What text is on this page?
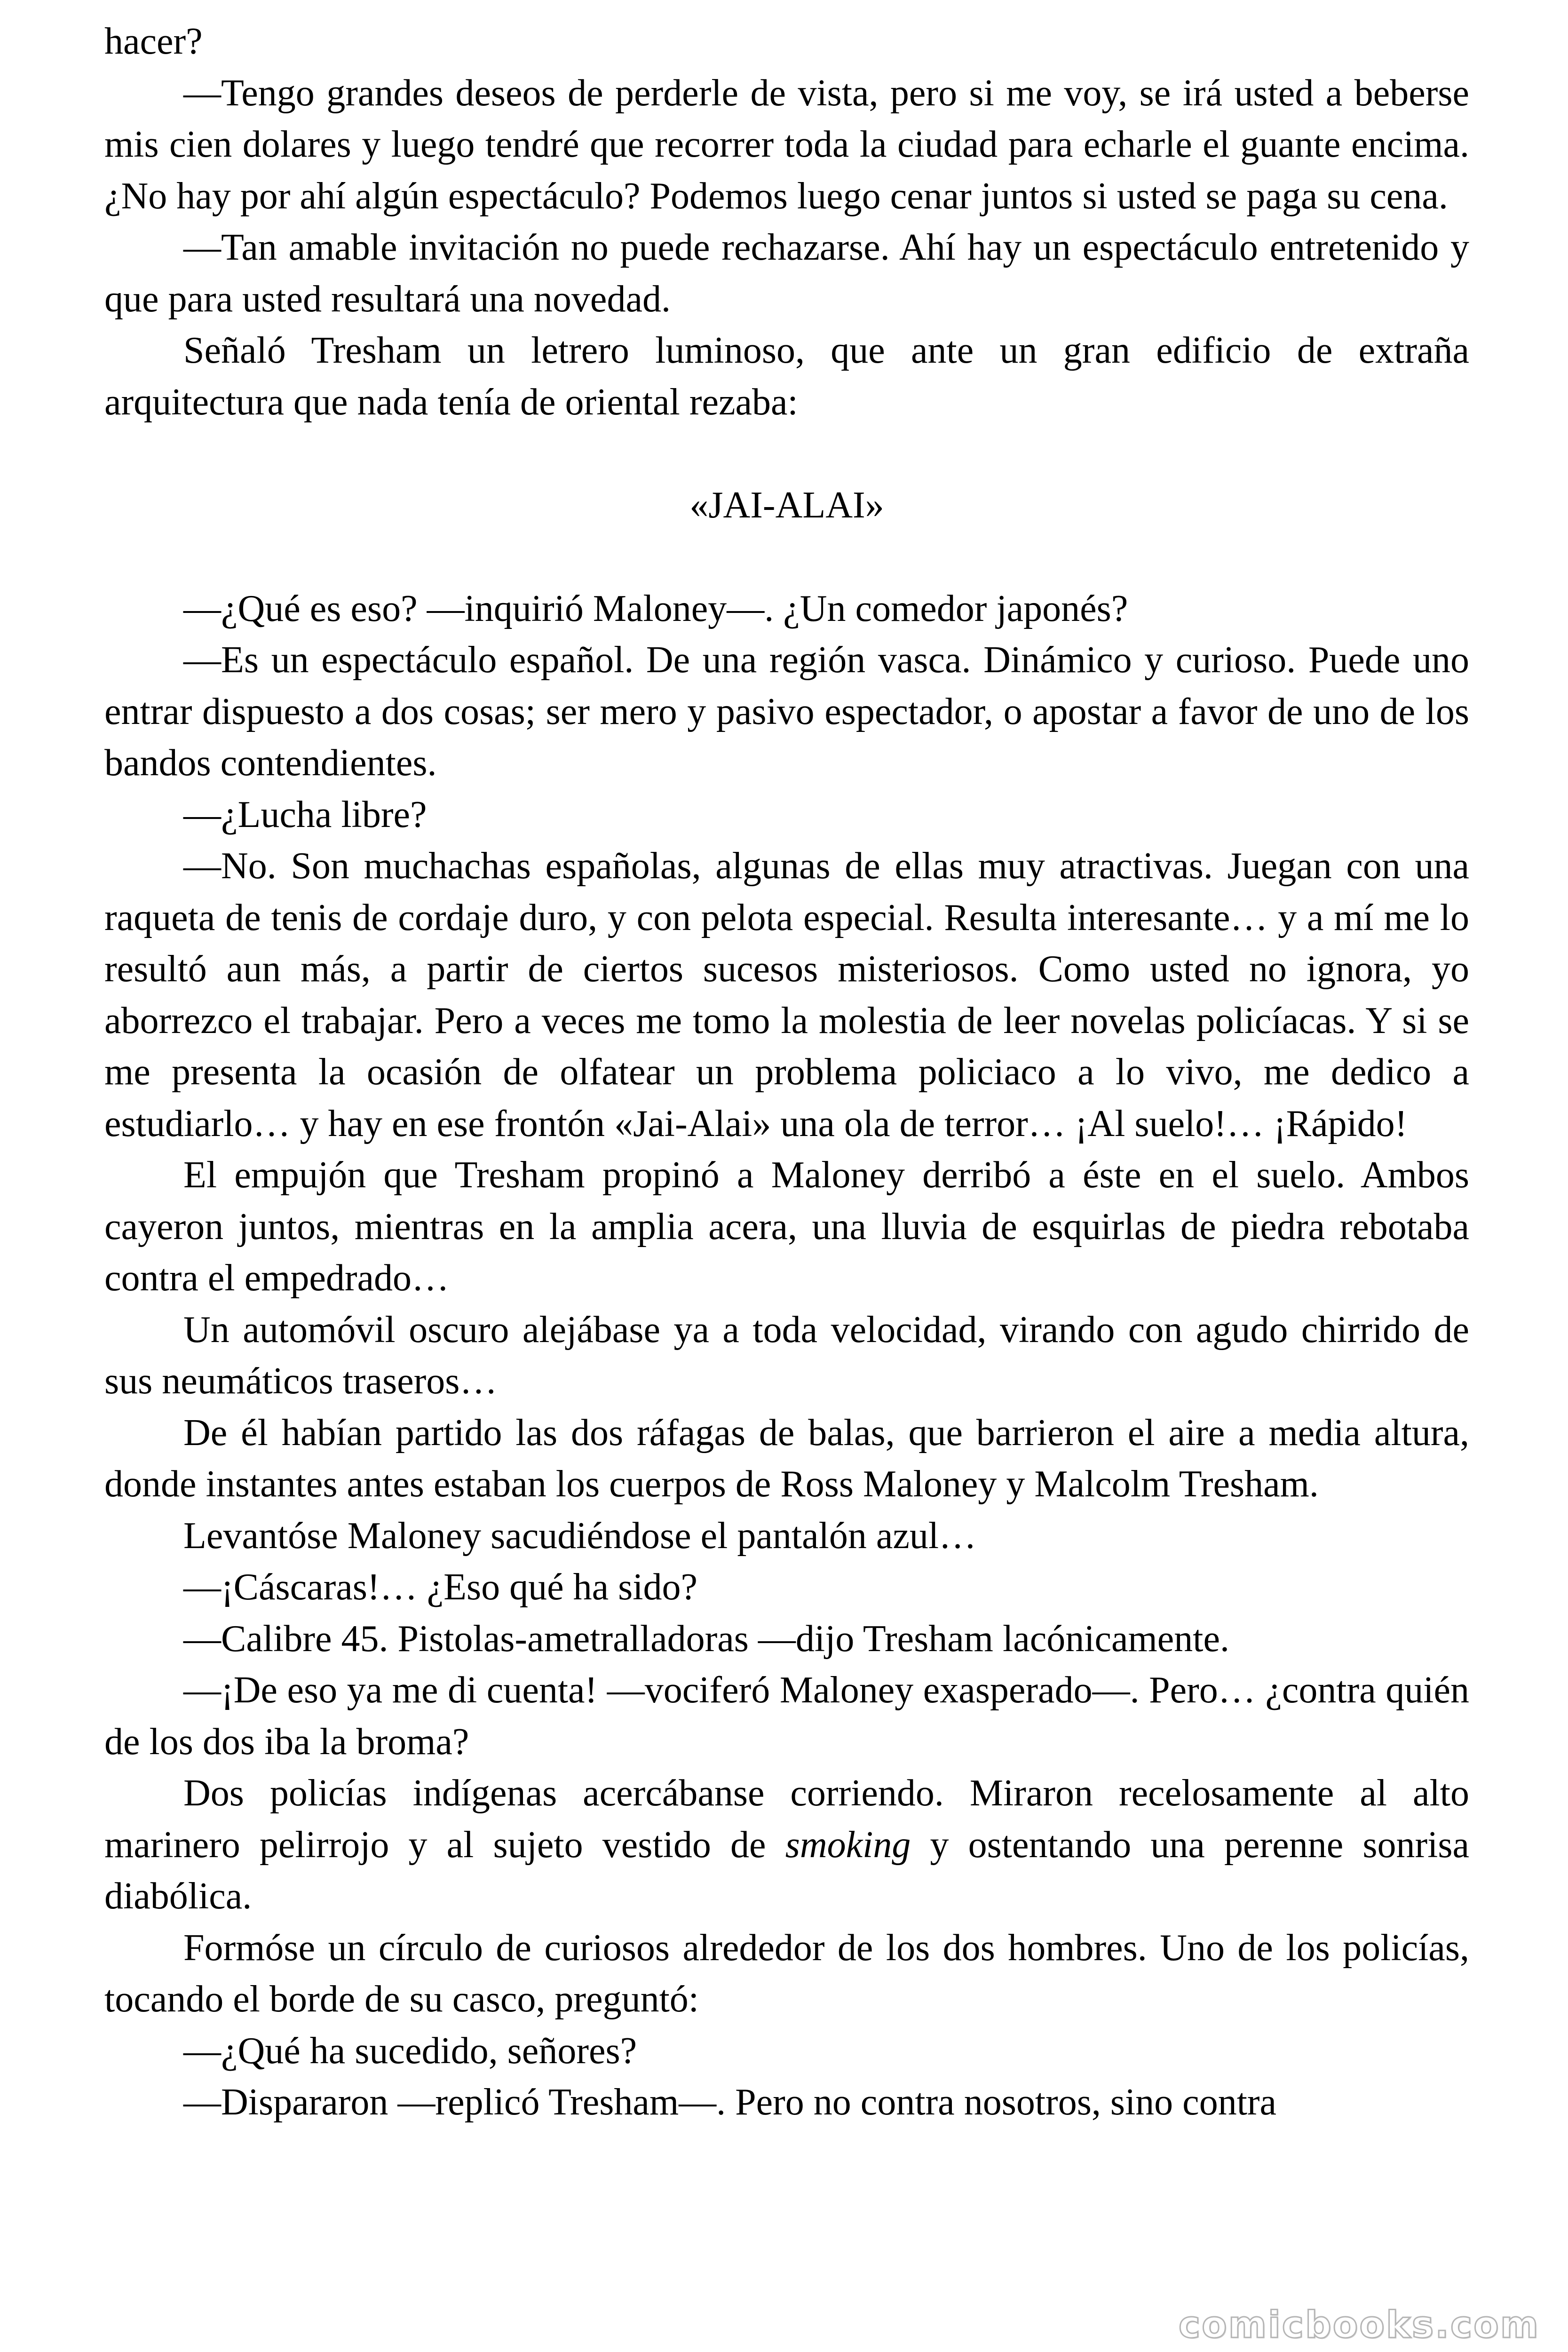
hacer?

—Tengo grandes deseos de perderle de vista, pero si me voy, se irá usted a beberse mis cien dolares y luego tendré que recorrer toda la ciudad para echarle el guante encima. ¿No hay por ahí algún espectáculo? Podemos luego cenar juntos si usted se paga su cena.

—Tan amable invitación no puede rechazarse. Ahí hay un espectáculo entretenido y que para usted resultará una novedad.

Señaló Tresham un letrero luminoso, que ante un gran edificio de extraña arquitectura que nada tenía de oriental rezaba:

«JAI-ALAI»

—¿Qué es eso? —inquirió Maloney—. ¿Un comedor japonés?

—Es un espectáculo español. De una región vasca. Dinámico y curioso. Puede uno entrar dispuesto a dos cosas; ser mero y pasivo espectador, o apostar a favor de uno de los bandos contendientes.

—¿Lucha libre?

—No. Son muchachas españolas, algunas de ellas muy atractivas. Juegan con una raqueta de tenis de cordaje duro, y con pelota especial. Resulta interesante… y a mí me lo resultó aun más, a partir de ciertos sucesos misteriosos. Como usted no ignora, yo aborrezco el trabajar. Pero a veces me tomo la molestia de leer novelas policíacas. Y si se me presenta la ocasión de olfatear un problema policiaco a lo vivo, me dedico a estudiarlo… y hay en ese frontón «Jai-Alai» una ola de terror… ¡Al suelo!… ¡Rápido!

El empujón que Tresham propinó a Maloney derribó a éste en el suelo. Ambos cayeron juntos, mientras en la amplia acera, una lluvia de esquirlas de piedra rebotaba contra el empedrado…

Un automóvil oscuro alejábase ya a toda velocidad, virando con agudo chirrido de sus neumáticos traseros…

De él habían partido las dos ráfagas de balas, que barrieron el aire a media altura, donde instantes antes estaban los cuerpos de Ross Maloney y Malcolm Tresham.

Levantóse Maloney sacudiéndose el pantalón azul…

—¡Cáscaras!… ¿Eso qué ha sido?

—Calibre 45. Pistolas-ametralladoras —dijo Tresham lacónicamente.

—¡De eso ya me di cuenta! —vociferó Maloney exasperado—. Pero… ¿contra quién de los dos iba la broma?

Dos policías indígenas acercábanse corriendo. Miraron recelosamente al alto marinero pelirrojo y al sujeto vestido de smoking y ostentando una perenne sonrisa diabólica.

Formóse un círculo de curiosos alrededor de los dos hombres. Uno de los policías, tocando el borde de su casco, preguntó:

—¿Qué ha sucedido, señores?

—Dispararon —replicó Tresham—. Pero no contra nosotros, sino contra

comicbooks.com
